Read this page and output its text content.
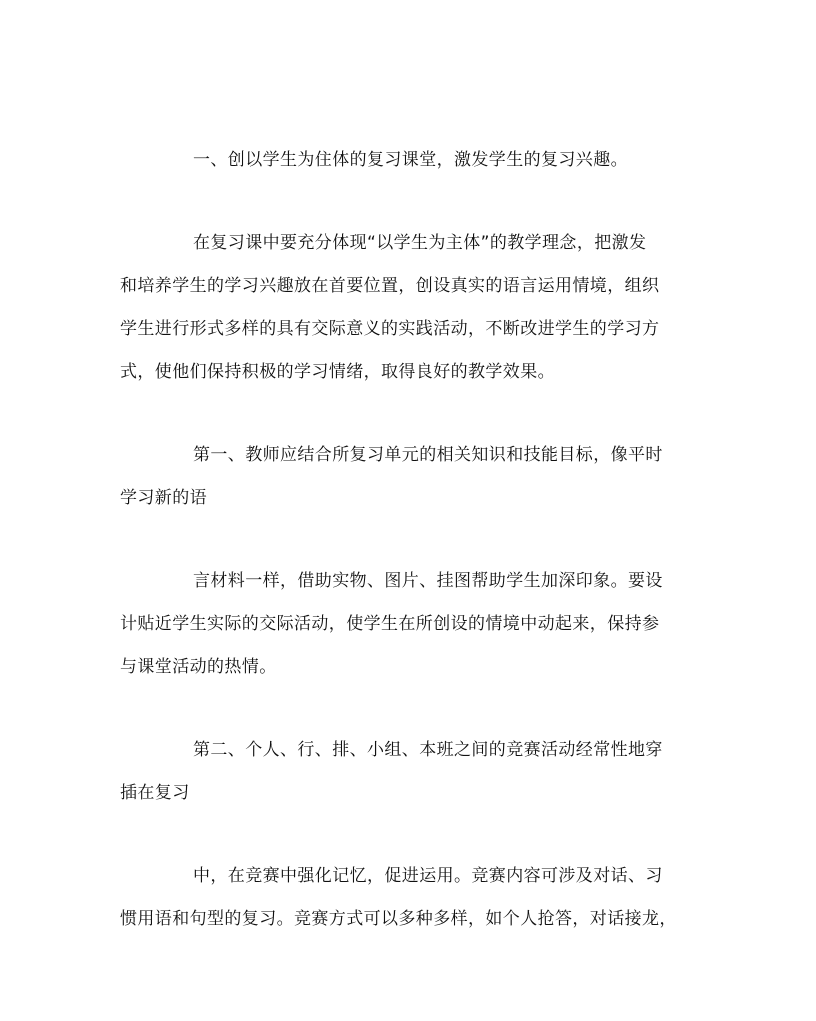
一、创以学生为住体的复习课堂，激发学生的复习兴趣。
在复习课中要充分体现“以学生为主体”的教学理念，把激发
和培养学生的学习兴趣放在首要位置，创设真实的语言运用情境，组织
学生进行形式多样的具有交际意义的实践活动，不断改进学生的学习方
式，使他们保持积极的学习情绪，取得良好的教学效果。
第一、教师应结合所复习单元的相关知识和技能目标，像平时
学习新的语
言材料一样，借助实物、图片、挂图帮助学生加深印象。要设
计贴近学生实际的交际活动，使学生在所创设的情境中动起来，保持参
与课堂活动的热情。
第二、个人、行、排、小组、本班之间的竞赛活动经常性地穿
插在复习
中，在竞赛中强化记忆，促进运用。竞赛内容可涉及对话、习
惯用语和句型的复习。竞赛方式可以多种多样，如个人抢答，对话接龙，
